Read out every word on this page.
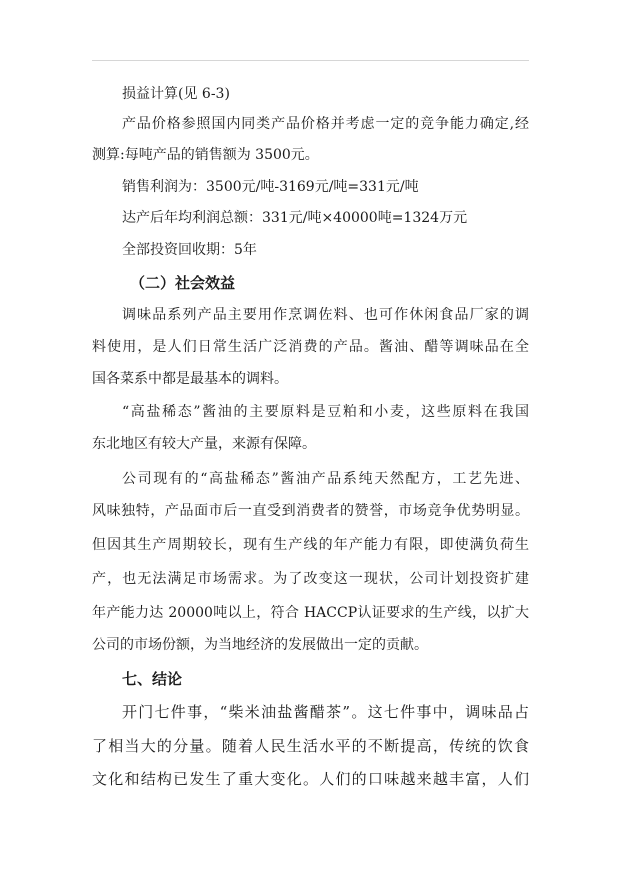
损益计算(见 6-3)
产品价格参照国内同类产品价格并考虑一定的竞争能力确定,经
测算:每吨产品的销售额为 3500元。
销售利润为：3500元/吨-3169元/吨=331元/吨
达产后年均利润总额：331元/吨×40000吨=1324万元
全部投资回收期：5年
（二）社会效益
调味品系列产品主要用作烹调佐料、也可作休闲食品厂家的调
料使用，是人们日常生活广泛消费的产品。酱油、醋等调味品在全
国各菜系中都是最基本的调料。
“高盐稀态”酱油的主要原料是豆粕和小麦，这些原料在我国
东北地区有较大产量，来源有保障。
公司现有的“高盐稀态”酱油产品系纯天然配方，工艺先进、
风味独特，产品面市后一直受到消费者的赞誉，市场竞争优势明显。
但因其生产周期较长，现有生产线的年产能力有限，即使满负荷生
产，也无法满足市场需求。为了改变这一现状，公司计划投资扩建
年产能力达 20000吨以上，符合 HACCP认证要求的生产线，以扩大
公司的市场份额，为当地经济的发展做出一定的贡献。
七、结论
开门七件事，“柴米油盐酱醋茶”。这七件事中，调味品占
了相当大的分量。随着人民生活水平的不断提高，传统的饮食
文化和结构已发生了重大变化。人们的口味越来越丰富，人们
